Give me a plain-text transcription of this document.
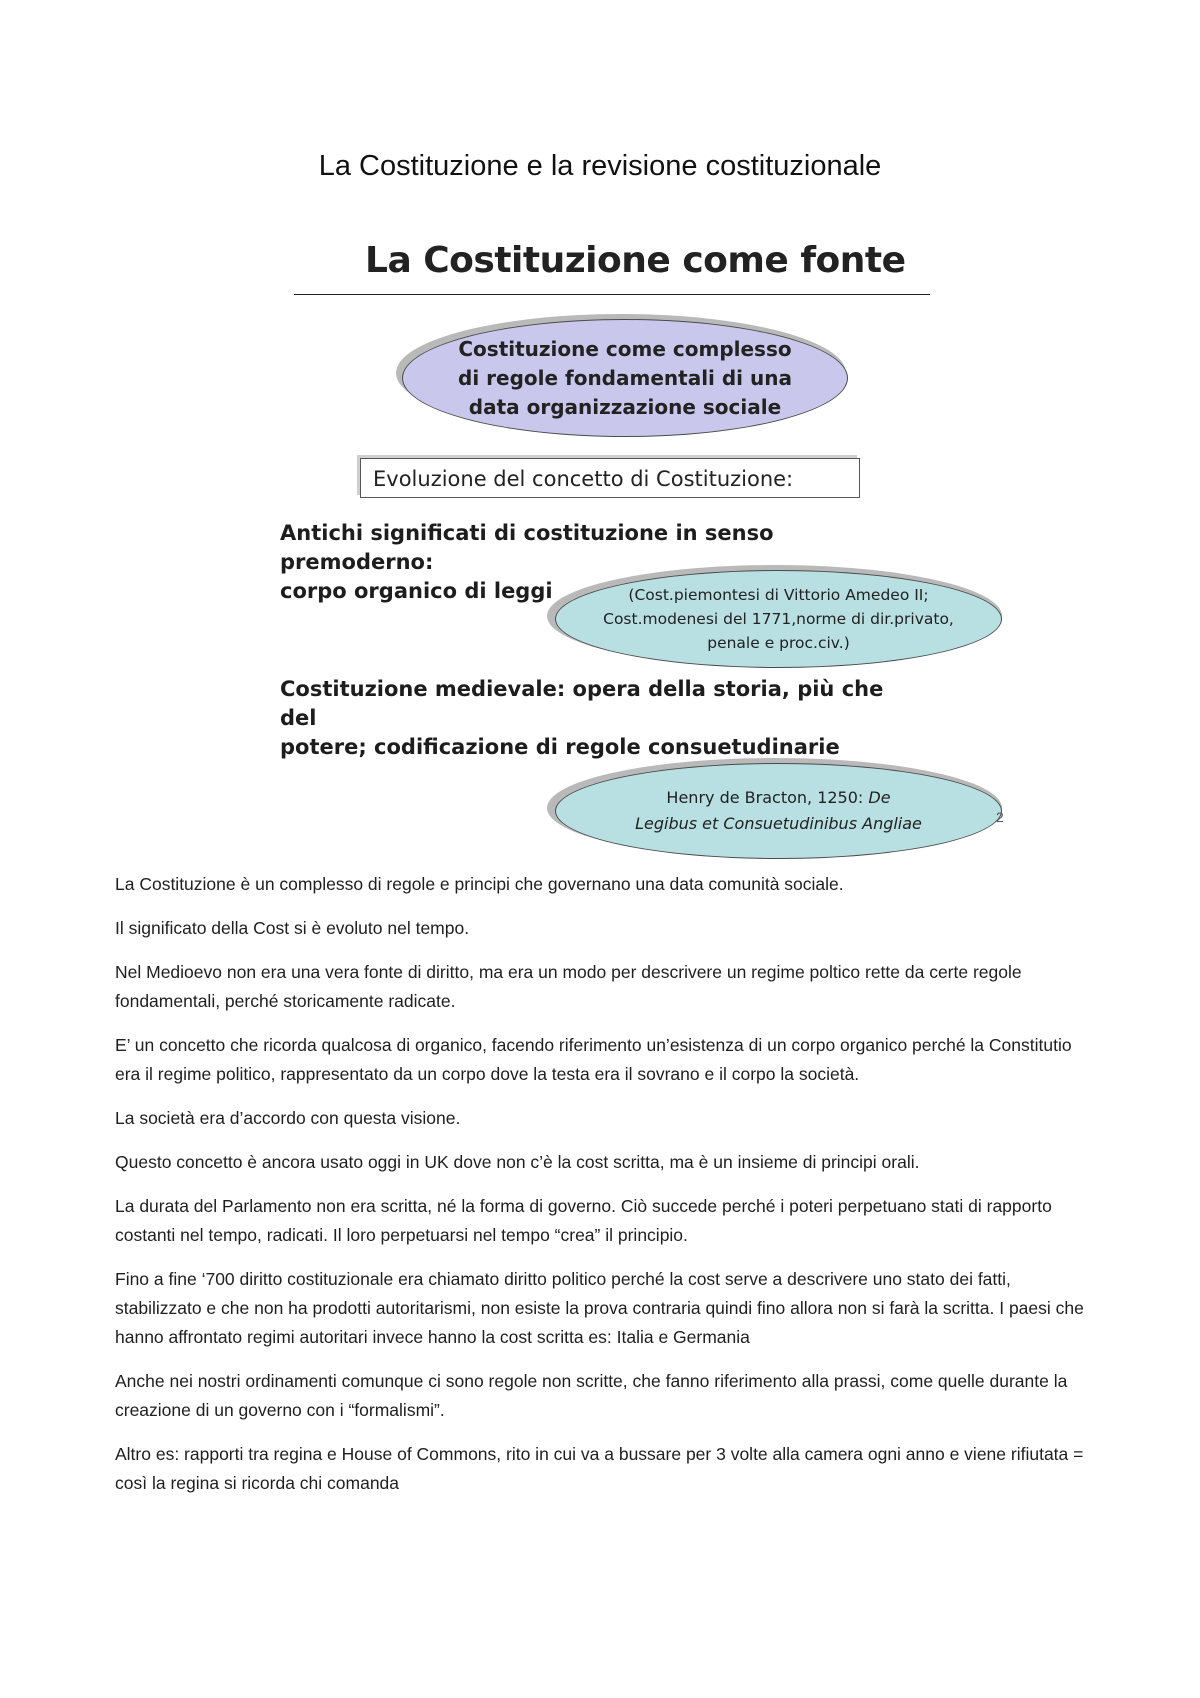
La Costituzione e la revisione costituzionale
La Costituzione come fonte
Costituzione come complesso
di regole fondamentali di una
data organizzazione sociale
Evoluzione del concetto di Costituzione:
Antichi significati di costituzione in senso premoderno:
corpo organico di leggi	(Cost.piemontesi di Vittorio Amedeo II;
Cost.modenesi del 1771,norme di dir.privato,
penale e proc.civ.)
Costituzione medievale: opera della storia, più che del
potere; codificazione di regole consuetudinarie
Henry de Bracton, 1250: De
Legibus et Consuetudinibus Angliae	2

La Costituzione è un complesso di regole e principi che governano una data comunità sociale.

Il significato della Cost si è evoluto nel tempo.

Nel Medioevo non era una vera fonte di diritto, ma era un modo per descrivere un regime poltico rette da certe regole fondamentali, perché storicamente radicate.

E’ un concetto che ricorda qualcosa di organico, facendo riferimento un’esistenza di un corpo organico perché la Constitutio era il regime politico, rappresentato da un corpo dove la testa era il sovrano e il corpo la società.

La società era d’accordo con questa visione.

Questo concetto è ancora usato oggi in UK dove non c’è la cost scritta, ma è un insieme di principi orali.

La durata del Parlamento non era scritta, né la forma di governo. Ciò succede perché i poteri perpetuano stati di rapporto costanti nel tempo, radicati. Il loro perpetuarsi nel tempo “crea” il principio.

Fino a fine ‘700 diritto costituzionale era chiamato diritto politico perché la cost serve a descrivere uno stato dei fatti, stabilizzato e che non ha prodotti autoritarismi, non esiste la prova contraria quindi fino allora non si farà la scritta. I paesi che hanno affrontato regimi autoritari invece hanno la cost scritta es: Italia e Germania

Anche nei nostri ordinamenti comunque ci sono regole non scritte, che fanno riferimento alla prassi, come quelle durante la creazione di un governo con i “formalismi”.

Altro es: rapporti tra regina e House of Commons, rito in cui va a bussare per 3 volte alla camera ogni anno e viene rifiutata = così la regina si ricorda chi comanda
